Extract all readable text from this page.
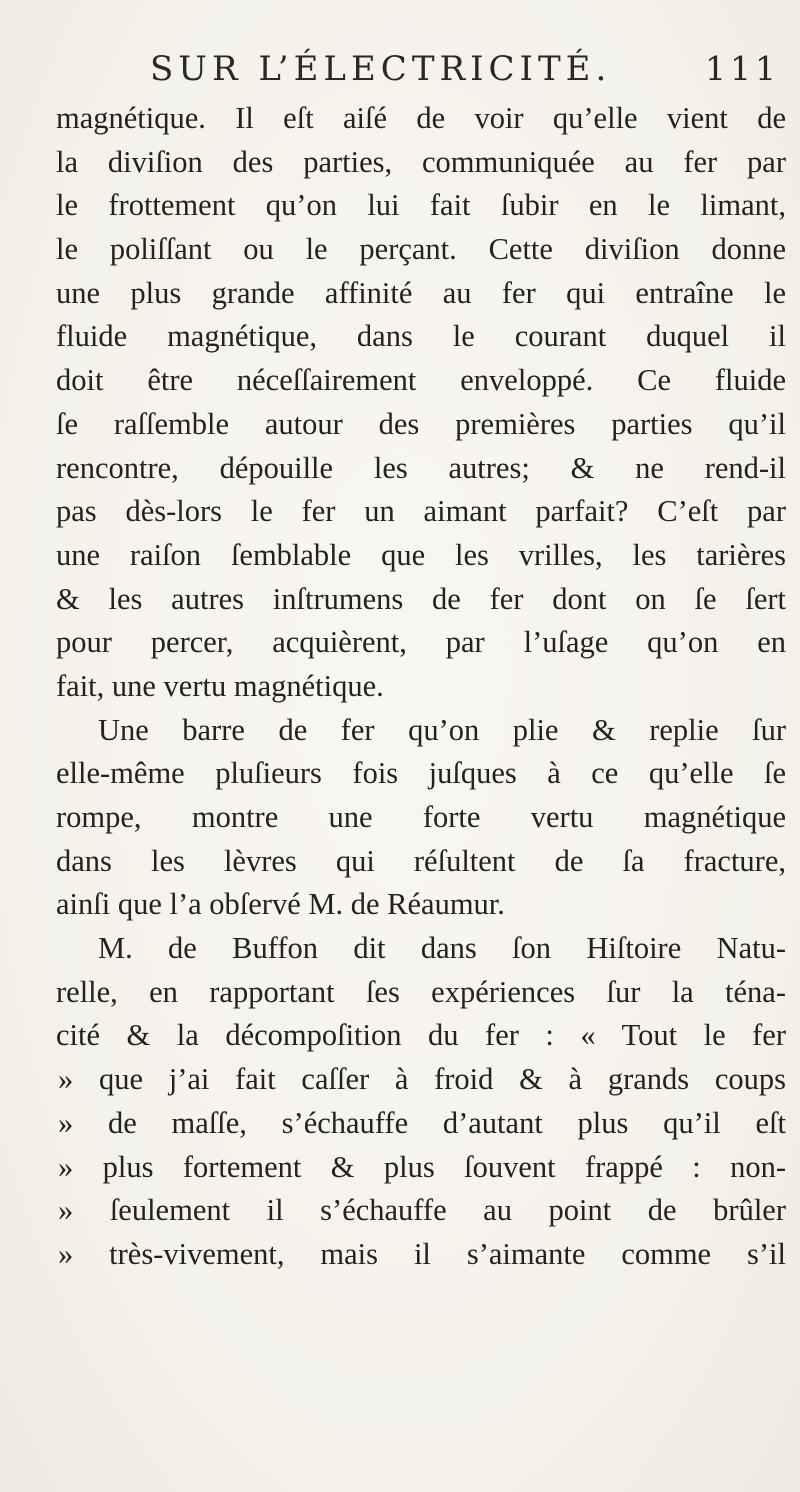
SUR L’ÉLECTRICITÉ.	111
magnétique. Il eſt aiſé de voir qu’elle vient de
la diviſion des parties, communiquée au fer par
le frottement qu’on lui fait ſubir en le limant,
le poliſſant ou le perçant. Cette diviſion donne
une plus grande affinité au fer qui entraîne le
fluide magnétique, dans le courant duquel il
doit être néceſſairement enveloppé. Ce fluide
ſe raſſemble autour des premières parties qu’il
rencontre, dépouille les autres; & ne rend-il
pas dès-lors le fer un aimant parfait? C’eſt par
une raiſon ſemblable que les vrilles, les tarières
& les autres inſtrumens de fer dont on ſe ſert
pour percer, acquièrent, par l’uſage qu’on en
fait, une vertu magnétique.
Une barre de fer qu’on plie & replie ſur
elle-même pluſieurs fois juſques à ce qu’elle ſe
rompe, montre une forte vertu magnétique
dans les lèvres qui réſultent de ſa fracture,
ainſi que l’a obſervé M. de Réaumur.
M. de Buffon dit dans ſon Hiſtoire Natu-
relle, en rapportant ſes expériences ſur la téna-
cité & la décompoſition du fer : « Tout le fer
» que j’ai fait caſſer à froid & à grands coups
» de maſſe, s’échauffe d’autant plus qu’il eſt
» plus fortement & plus ſouvent frappé : non-
» ſeulement il s’échauffe au point de brûler
» très-vivement, mais il s’aimante comme s’il
